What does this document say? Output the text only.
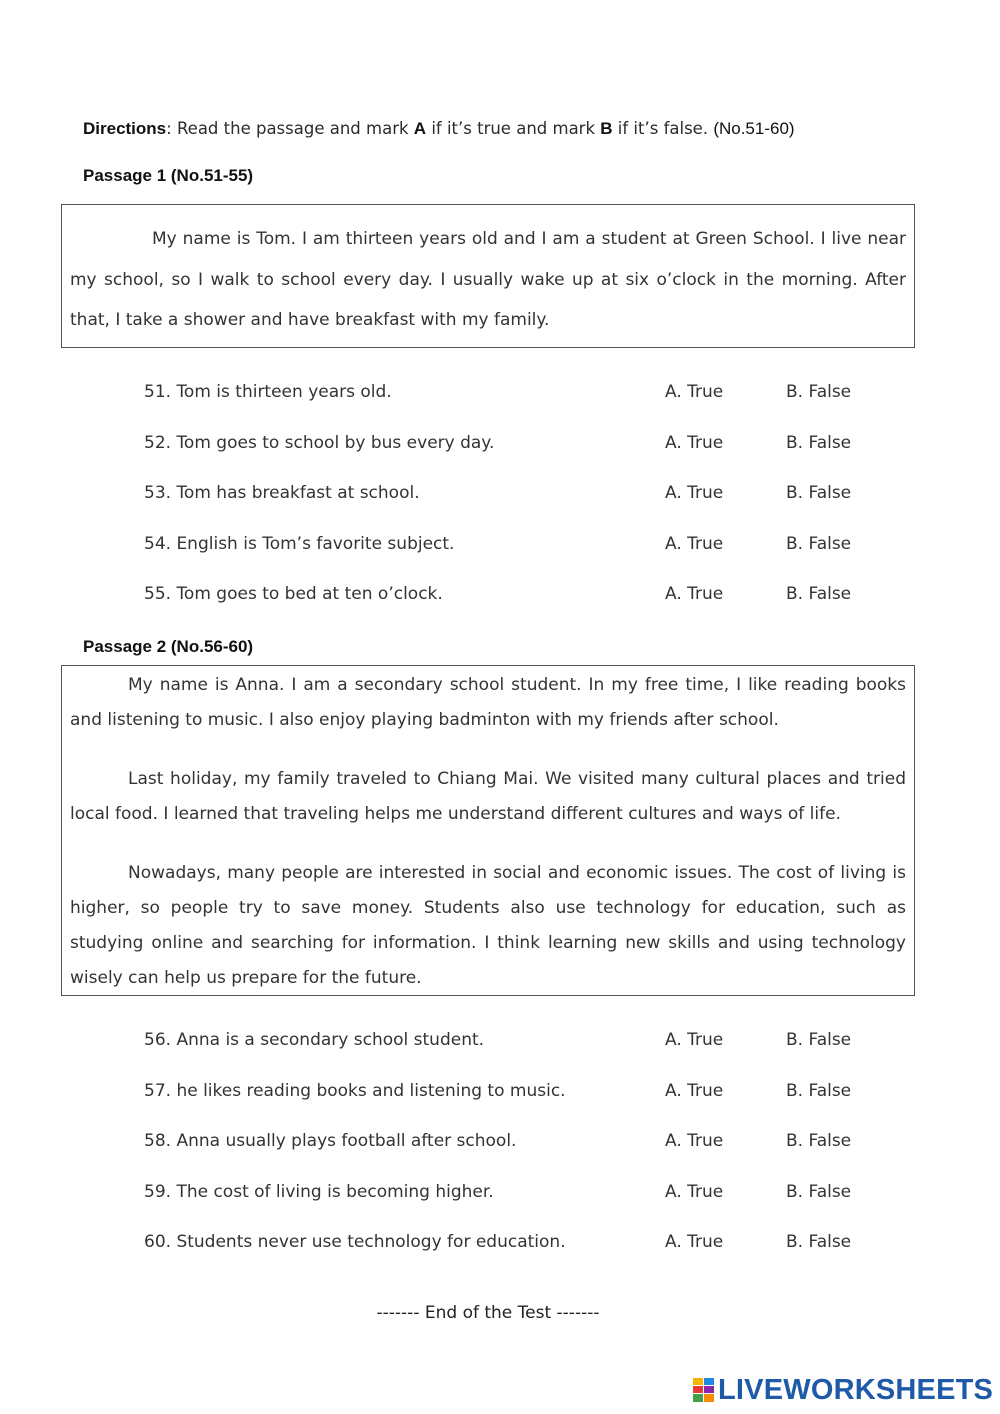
Directions: Read the passage and mark A if it’s true and mark B if it’s false. (No.51-60)
Passage 1 (No.51-55)

My name is Tom. I am thirteen years old and I am a student at Green School. I live near my school, so I walk to school every day. I usually wake up at six o’clock in the morning. After that, I take a shower and have breakfast with my family.

51. Tom is thirteen years old.	A. True	B. False
52. Tom goes to school by bus every day.	A. True	B. False
53. Tom has breakfast at school.	A. True	B. False
54. English is Tom’s favorite subject.	A. True	B. False
55. Tom goes to bed at ten o’clock.	A. True	B. False
Passage 2 (No.56-60)

My name is Anna. I am a secondary school student. In my free time, I like reading books and listening to music. I also enjoy playing badminton with my friends after school.

Last holiday, my family traveled to Chiang Mai. We visited many cultural places and tried local food. I learned that traveling helps me understand different cultures and ways of life.

Nowadays, many people are interested in social and economic issues. The cost of living is higher, so people try to save money. Students also use technology for education, such as studying online and searching for information. I think learning new skills and using technology wisely can help us prepare for the future.

56. Anna is a secondary school student.	A. True	B. False
57. he likes reading books and listening to music.	A. True	B. False
58. Anna usually plays football after school.	A. True	B. False
59. The cost of living is becoming higher.	A. True	B. False
60. Students never use technology for education.	A. True	B. False
------- End of the Test -------
LIVEWORKSHEETS
